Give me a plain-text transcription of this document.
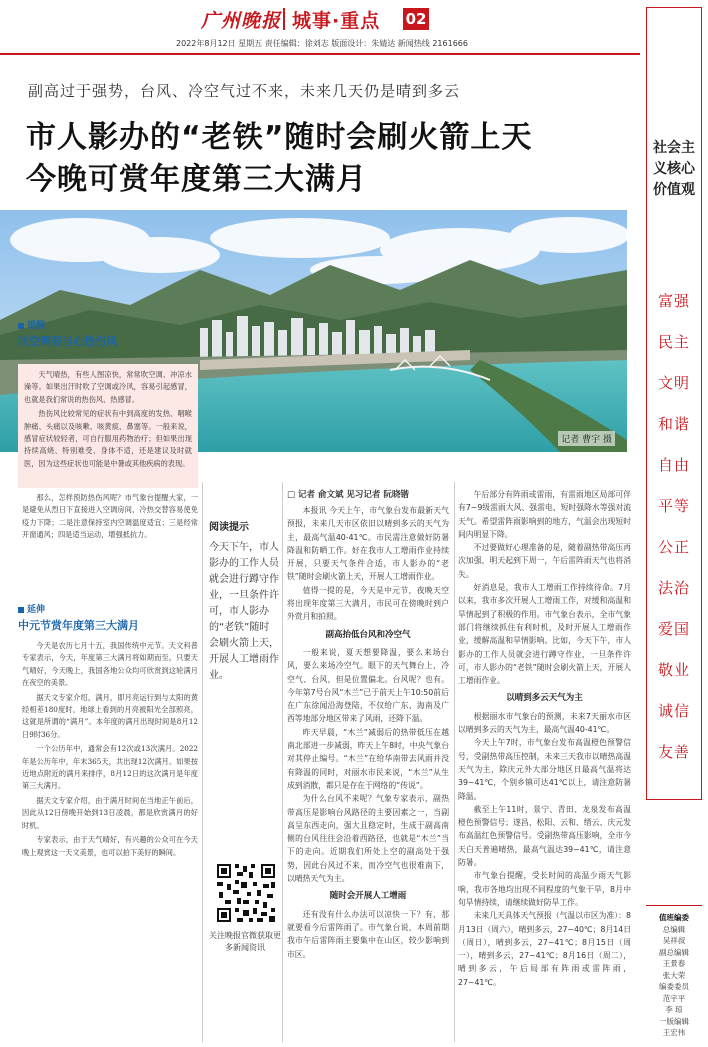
广州晚报 城事·重点 02
2022年8月12日 星期五 责任编辑：徐刘志 版面设计：朱婧达 新闻热线 2161666
副高过于强势，台风、冷空气过不来，未来几天仍是晴到多云
市人影办的“老铁”随时会刷火箭上天
今晚可赏年度第三大满月
记者 曹宇 摄
提醒
吹空调要当心热伤风

天气晴热，有些人图凉快，常常吹空调、冲凉水澡等。如果出汗时吹了空调或冷风，容易引起感冒，也就是我们常说的热伤风、热感冒。

热伤风比较常见的症状有中到高度的发热、咽喉肿痛、头痛以及咳嗽、咳黄痰、鼻塞等。一般来说，感冒症状较轻者，可自行服用药物治疗；但如果出现持续高烧、特别难受、身体不适，还是建议及时就医，因为这些症状也可能是中暑或其他疾病的表现。

那么，怎样预防热伤风呢？市气象台提醒大家，一是避免从烈日下直接进入空调房间，冷热交替容易使免疫力下降；二是注意保持室内空调温度适宜；三是经常开窗通风；四是适当运动，增强抵抗力。

延伸
中元节赏年度第三大满月

今天是农历七月十五，我国传统中元节。天文科普专家表示，今天，年度第三大满月将如期而至。只要天气晴好，今天晚上，我国各地公众均可欣赏到这轮满月在夜空的美景。

据天文专家介绍，满月，即月亮运行到与太阳的黄经相差180度时，地球上看到的月亮被阳光全部照亮，这就是所谓的“满月”。本年度的满月出现时间是8月12日9时36分。

一个公历年中，通常会有12次或13次满月。2022年是公历年中，年末365天，共出现12次满月。如果按近地点附近的满月来排序，8月12日的这次满月是年度第三大满月。

据天文专家介绍，由于满月时间在当地正午前后，因此从12日傍晚开始到13日凌晨，都是欣赏满月的好时机。

专家表示，由于天气晴好，有兴趣的公众可在今天晚上观赏这一天文美景，也可以拍下美好的瞬间。

阅读提示
今天下午，市人影办的工作人员就会进行蹲守作业，一旦条件许可，市人影办的“老铁”随时会刷火箭上天，开展人工增雨作业。
关注晚报官微获取更多新闻资讯
□ 记者 俞文斌 见习记者 阮晓锴

本报讯 今天上午，市气象台发布最新天气预报，未来几天市区依旧以晴到多云的天气为主，最高气温40-41℃。市民需注意做好防暑降温和防晒工作。好在我市人工增雨作业持续开展，只要天气条件合适，市人影办的“老铁”随时会刷火箭上天，开展人工增雨作业。

值得一提的是，今天是中元节，夜晚天空将出现年度第三大满月，市民可在傍晚时到户外赏月和拍照。

副高抬低台风和冷空气

一般来说，夏天想要降温，要么来场台风，要么来场冷空气。眼下的天气舞台上，冷空气、台风，但是位置偏北。台风呢？也有。今年第7号台风“木兰”已于前天上午10:50前后在广东徐闻沿海登陆，不仅给广东、海南及广西等地部分地区带来了风雨，还降下温。

昨天早晨，“木兰”减弱后的热带低压在越南北部进一步减弱，昨天上午8时，中央气象台对其停止编号。“木兰”在给华南带去风雨并没有降温的同时，对丽水市民来说，“木兰”从生成到消散，都只是存在于网络的“传说”。

为什么台风不来呢？气象专家表示，副热带高压是影响台风路径的主要因素之一，当副高呈东西走向，强大且稳定时，生成于副高南侧的台风往往会沿着西路径，也就是“木兰”当下的走向。近期我们所处上空的副高处于强势，因此台风过不来，而冷空气也很难南下，以晴热天气为主。

随时会开展人工增雨

还有没有什么办法可以凉快一下？有，那就要看今后雷阵雨了。市气象台说，本周前期我市午后雷阵雨主要集中在山区，较少影响到市区。

午后部分有阵雨或雷雨，有雷雨地区局部可伴有7~9级雷雨大风、强雷电、短时强降水等强对流天气。希望雷阵雨影响到的地方，气温会出现短时间内明显下降。

不过要做好心理准备的是，随着副热带高压再次加强，明天起到下周一，午后雷阵雨天气也将消失。

好消息是，我市人工增雨工作持续待命。7月以来，我市多次开展人工增雨工作，对缓和高温和旱情起到了积极的作用。市气象台表示，全市气象部门将继续抓住有利时机，及时开展人工增雨作业，缓解高温和旱情影响。比如，今天下午，市人影办的工作人员就会进行蹲守作业，一旦条件许可，市人影办的“老铁”随时会刷火箭上天，开展人工增雨作业。

以晴到多云天气为主

根据丽水市气象台的预测，未来7天丽水市区以晴到多云的天气为主，最高气温40-41℃。

今天上午7时，市气象台发布高温橙色预警信号，受副热带高压控制，未来三天我市以晴热高温天气为主，除庆元外大部分地区日最高气温将达39~41℃，个别乡镇可达41℃以上，请注意防暑降温。

截至上午11时，景宁、青田、龙泉发布高温橙色预警信号；遂昌、松阳、云和、缙云、庆元发布高温红色预警信号。受副热带高压影响，全市今天白天普遍晴热，最高气温达39~41℃，请注意防暑。

市气象台提醒，受长时间的高温少雨天气影响，我市各地均出现不同程度的气象干旱，8月中旬旱情持续，请继续做好防旱工作。

未来几天具体天气预报（气温以市区为准）：8月13日（周六），晴到多云，27~40℃；8月14日（周日），晴到多云，27~41℃；8月15日（周一），晴到多云，27~41℃；8月16日（周二），晴到多云，午后局部有阵雨或雷阵雨，27~41℃。

社会主义核心价值观
富强
民主
文明
和谐
自由
平等
公正
法治
爱国
敬业
诚信
友善
值班编委
总编辑
吴祥叔
副总编辑
王景春
张大荣
编委委员
范宇平
李 琼
一版编辑
王宏伟
